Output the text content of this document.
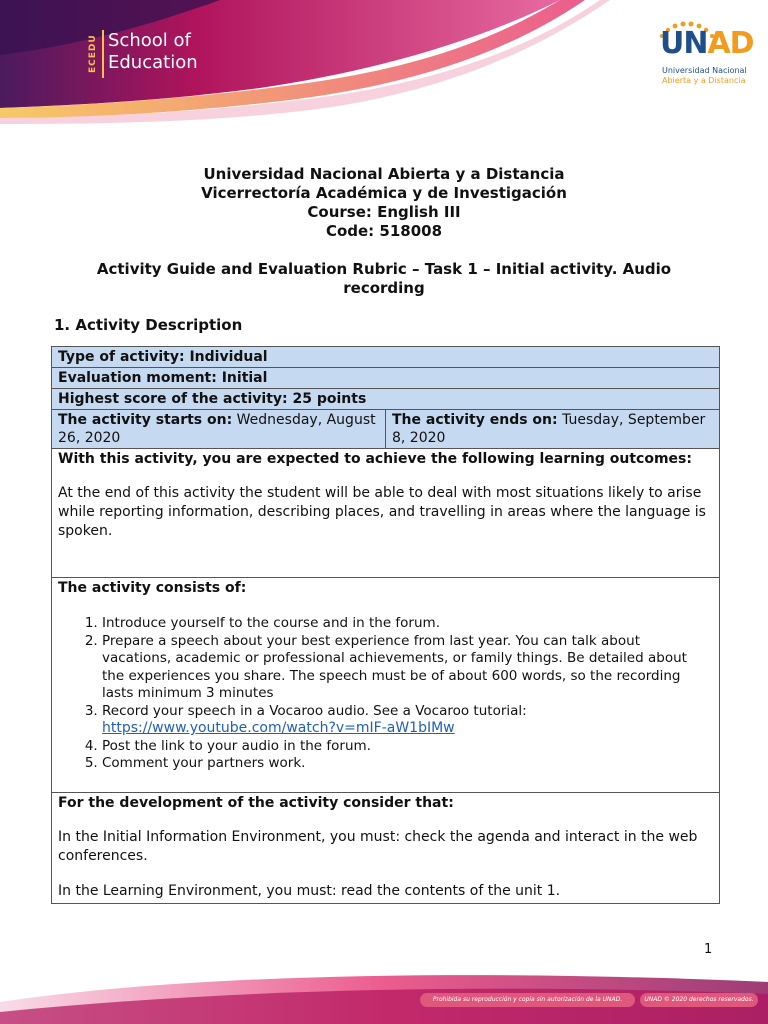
ECEDU School of
Education
UNAD
Universidad Nacional
Abierta y a Distancia
Universidad Nacional Abierta y a Distancia
Vicerrectoría Académica y de Investigación
Course: English III
Code: 518008
Activity Guide and Evaluation Rubric – Task 1 – Initial activity. Audio
recording
1. Activity Description
Type of activity: Individual
Evaluation moment: Initial
Highest score of the activity: 25 points
The activity starts on: Wednesday, August 26, 2020	The activity ends on: Tuesday, September 8, 2020

With this activity, you are expected to achieve the following learning outcomes:
At the end of this activity the student will be able to deal with most situations likely to arise while reporting information, describing places, and travelling in areas where the language is spoken.

The activity consists of:
1. Introduce yourself to the course and in the forum.
2. Prepare a speech about your best experience from last year. You can talk about vacations, academic or professional achievements, or family things. Be detailed about the experiences you share. The speech must be of about 600 words, so the recording lasts minimum 3 minutes
3. Record your speech in a Vocaroo audio. See a Vocaroo tutorial:
https://www.youtube.com/watch?v=mIF-aW1bIMw
4. Post the link to your audio in the forum.
5. Comment your partners work.

For the development of the activity consider that:
In the Initial Information Environment, you must: check the agenda and interact in the web conferences.
In the Learning Environment, you must: read the contents of the unit 1.
1
Prohibida su reproducción y copia sin autorización de la UNAD.	UNAD © 2020 derechos reservados.
